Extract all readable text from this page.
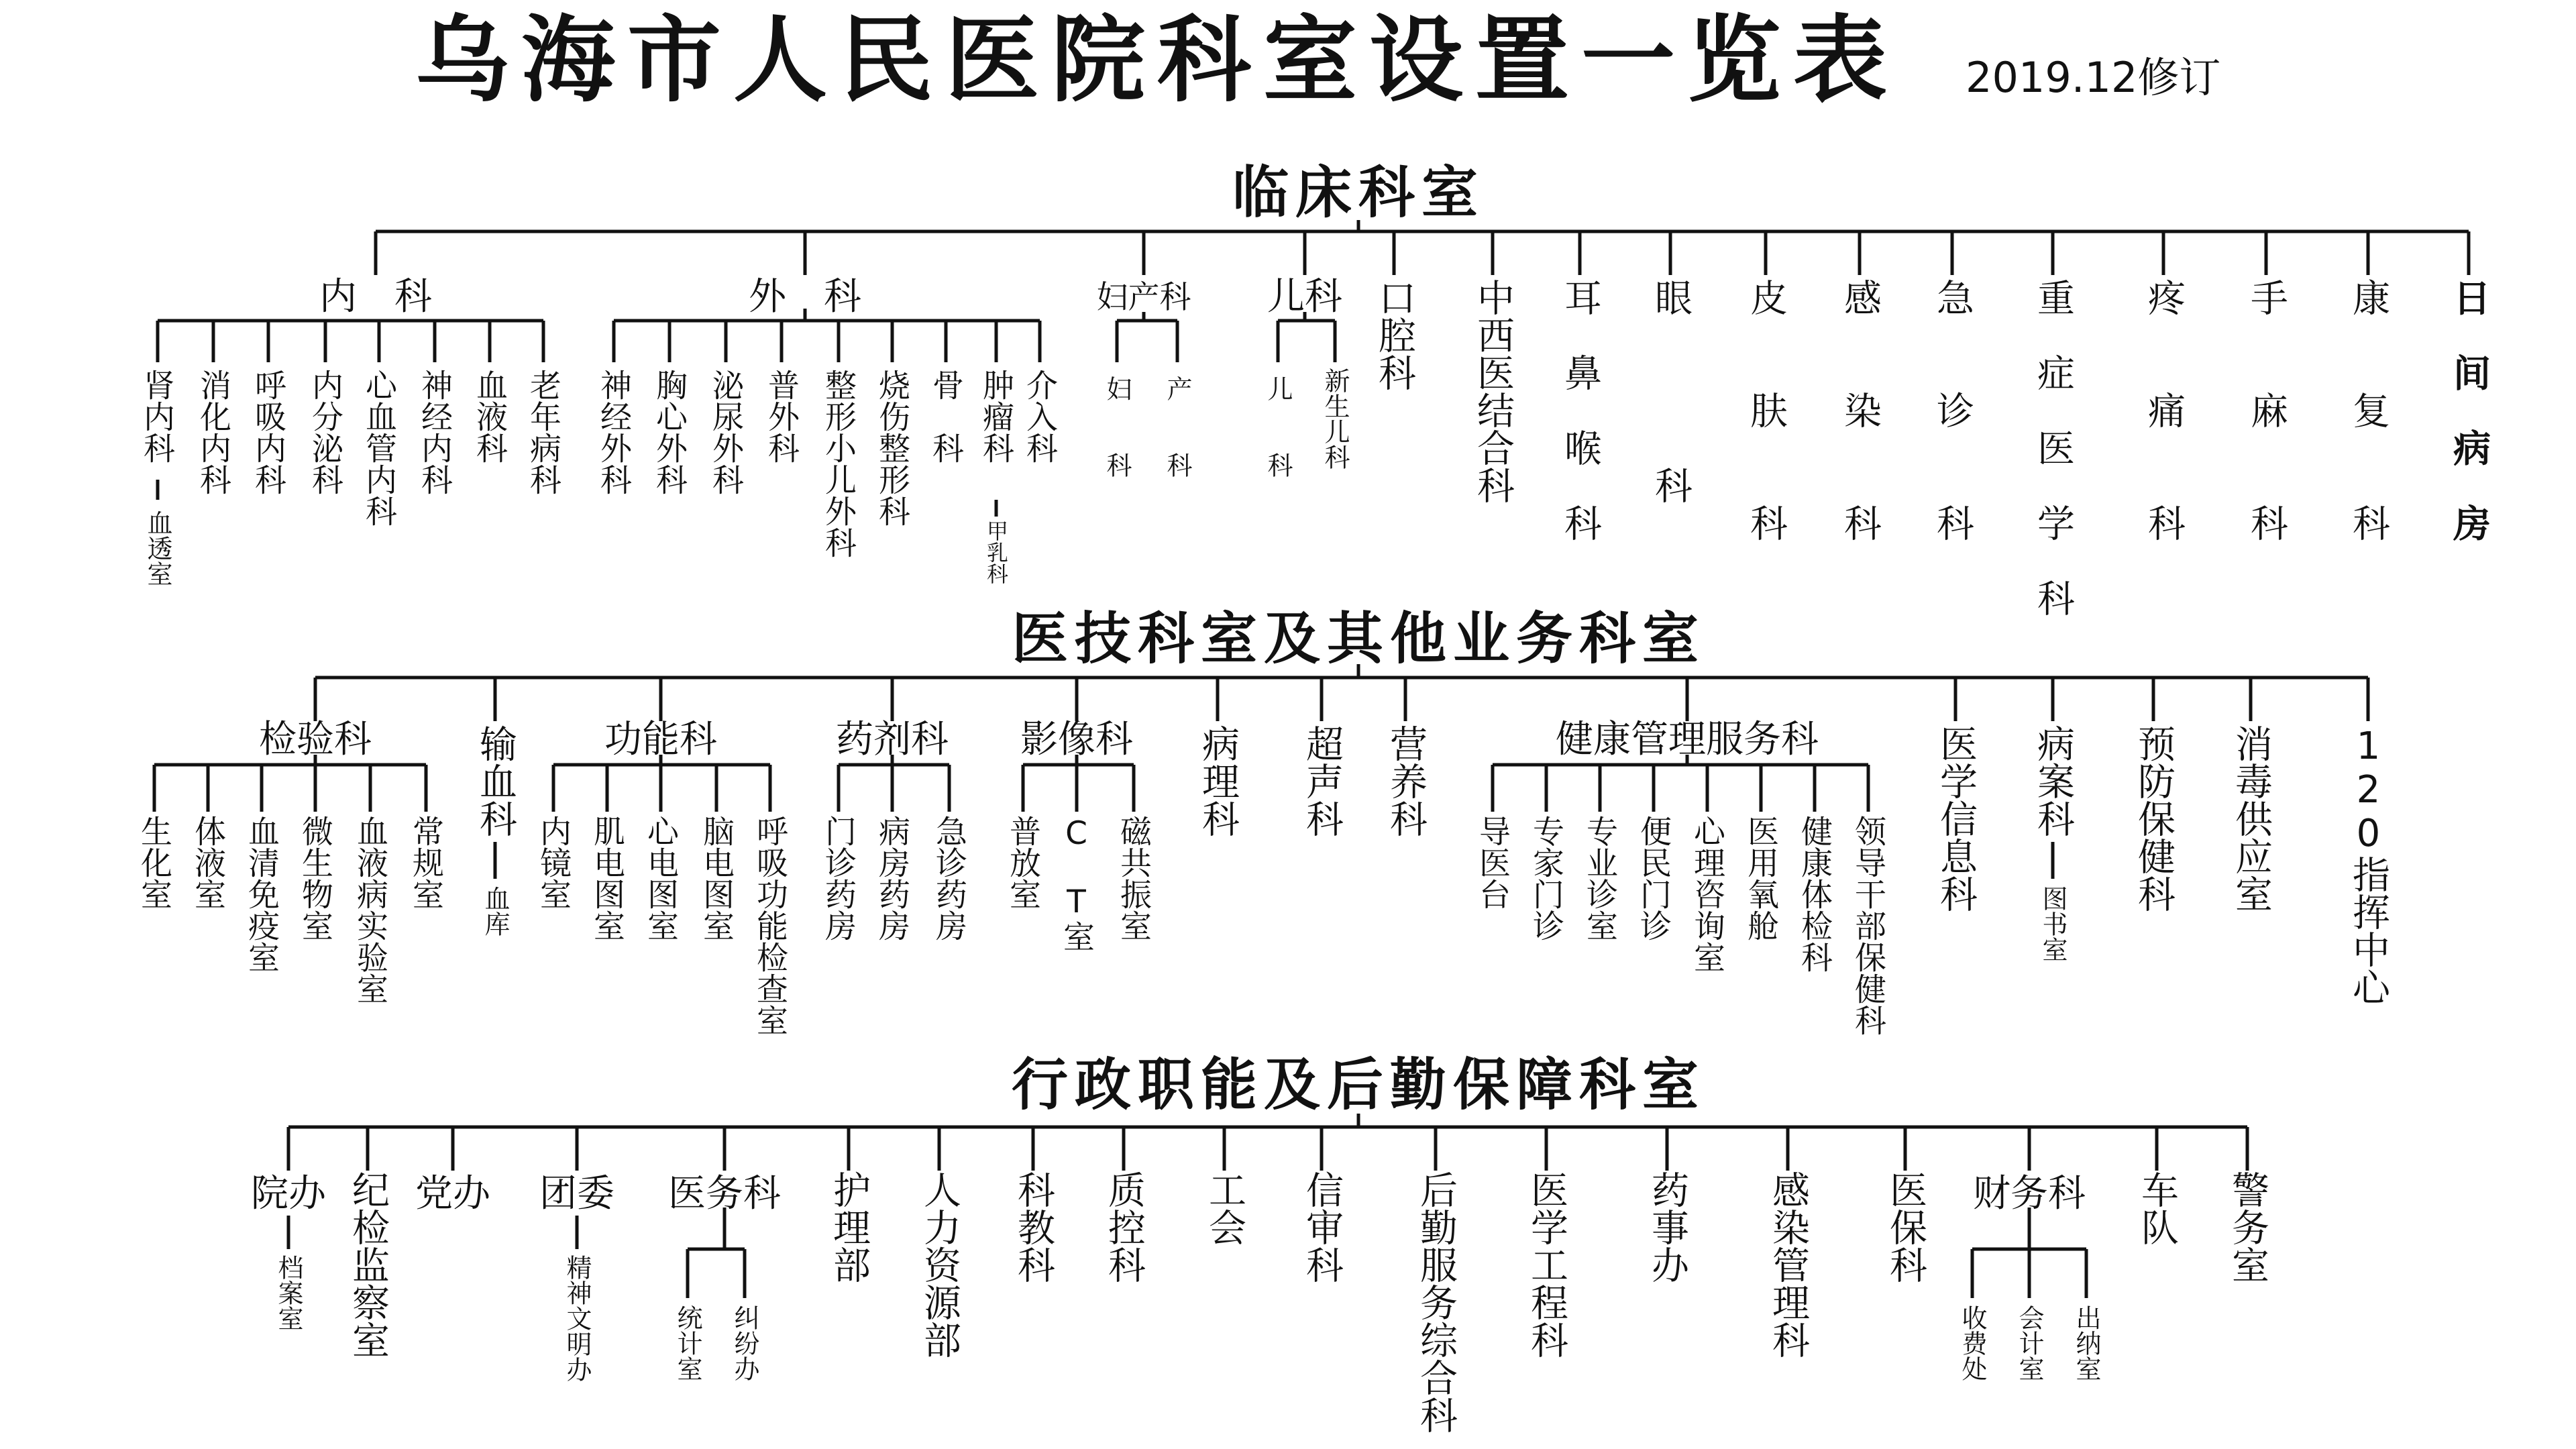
乌海市人民医院科室设置一览表	2019.12修订
临床科室
内　科
肾内科 消化内科 呼吸内科 内分泌科 心血管内科 神经内科 血液科 老年病科
血透室
外　科
神经外科 胸心外科 泌尿外科 普外科 整形小儿外科 烧伤整形科 骨　科 肿瘤科 介入科
甲乳科
妇产科
妇　　科 产　　科
儿科
儿　　科 新生儿科
口腔科 中西医结合科 耳　鼻　喉　科 眼　　　　科 皮　　肤　　科 感　　染　　科 急　　诊　　科 重　症　医　学　科 疼　　痛　　科 手　　麻　　科 康　　复　　科 日　间　病　房
医技科室及其他业务科室
检验科
生化室 体液室 血清免疫室 微生物室 血液病实验室 常规室
输血科
血库
功能科
内镜室 肌电图室 心电图室 脑电图室 呼吸功能检查室
药剂科
门诊药房 病房药房 急诊药房
影像科
普放室 C　T室 磁共振室
病理科 超声科 营养科	健康管理服务科
导医台 专家门诊 专业诊室 便民门诊 心理咨询室 医用氧舱 健康体检科 领导干部保健科 医学信息科 病案科
图书室
预防保健科 消毒供应室 120指挥中心
行政职能及后勤保障科室
院办
档案室 纪检监察室 党办	团委
精神文明办
医务科
统计室 纠纷办
护理部 人力资源部 科教科 质控科 工会 信审科 后勤服务综合科 医学工程科 药事办 感染管理科 医保科	财务科
收费处 会计室 出纳室
车队 警务室
